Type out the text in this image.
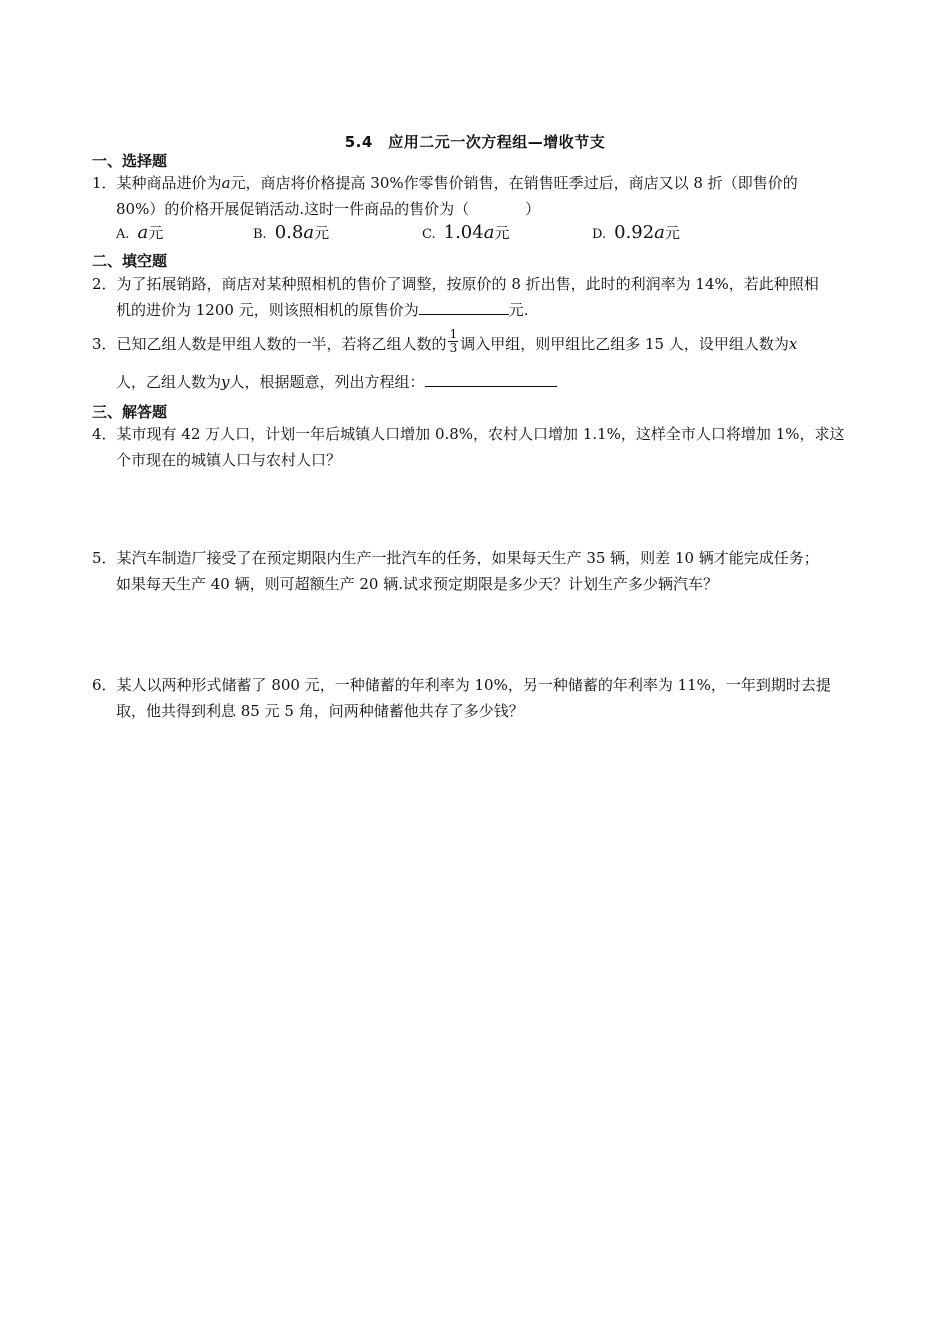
5.4　应用二元一次方程组—增收节支
一、选择题
1．某种商品进价为a元，商店将价格提高 30%作零售价销售，在销售旺季过后，商店又以 8 折（即售价的
80%）的价格开展促销活动.这时一件商品的售价为（	）
A. a元	B. 0.8a元	C. 1.04a元	D. 0.92a元
二、填空题
2．为了拓展销路，商店对某种照相机的售价了调整，按原价的 8 折出售，此时的利润率为 14%，若此种照相
机的进价为 1200 元，则该照相机的原售价为	元.
3．已知乙组人数是甲组人数的一半，若将乙组人数的 $\frac{1}{3}$ 调入甲组，则甲组比乙组多 15 人，设甲组人数为x
人，乙组人数为y人，根据题意，列出方程组：
三、解答题
4．某市现有 42 万人口，计划一年后城镇人口增加 0.8%，农村人口增加 1.1%，这样全市人口将增加 1%，求这
个市现在的城镇人口与农村人口？
5．某汽车制造厂接受了在预定期限内生产一批汽车的任务，如果每天生产 35 辆，则差 10 辆才能完成任务；
如果每天生产 40 辆，则可超额生产 20 辆.试求预定期限是多少天？计划生产多少辆汽车？
6．某人以两种形式储蓄了 800 元，一种储蓄的年利率为 10%，另一种储蓄的年利率为 11%，一年到期时去提
取，他共得到利息 85 元 5 角，问两种储蓄他共存了多少钱？
